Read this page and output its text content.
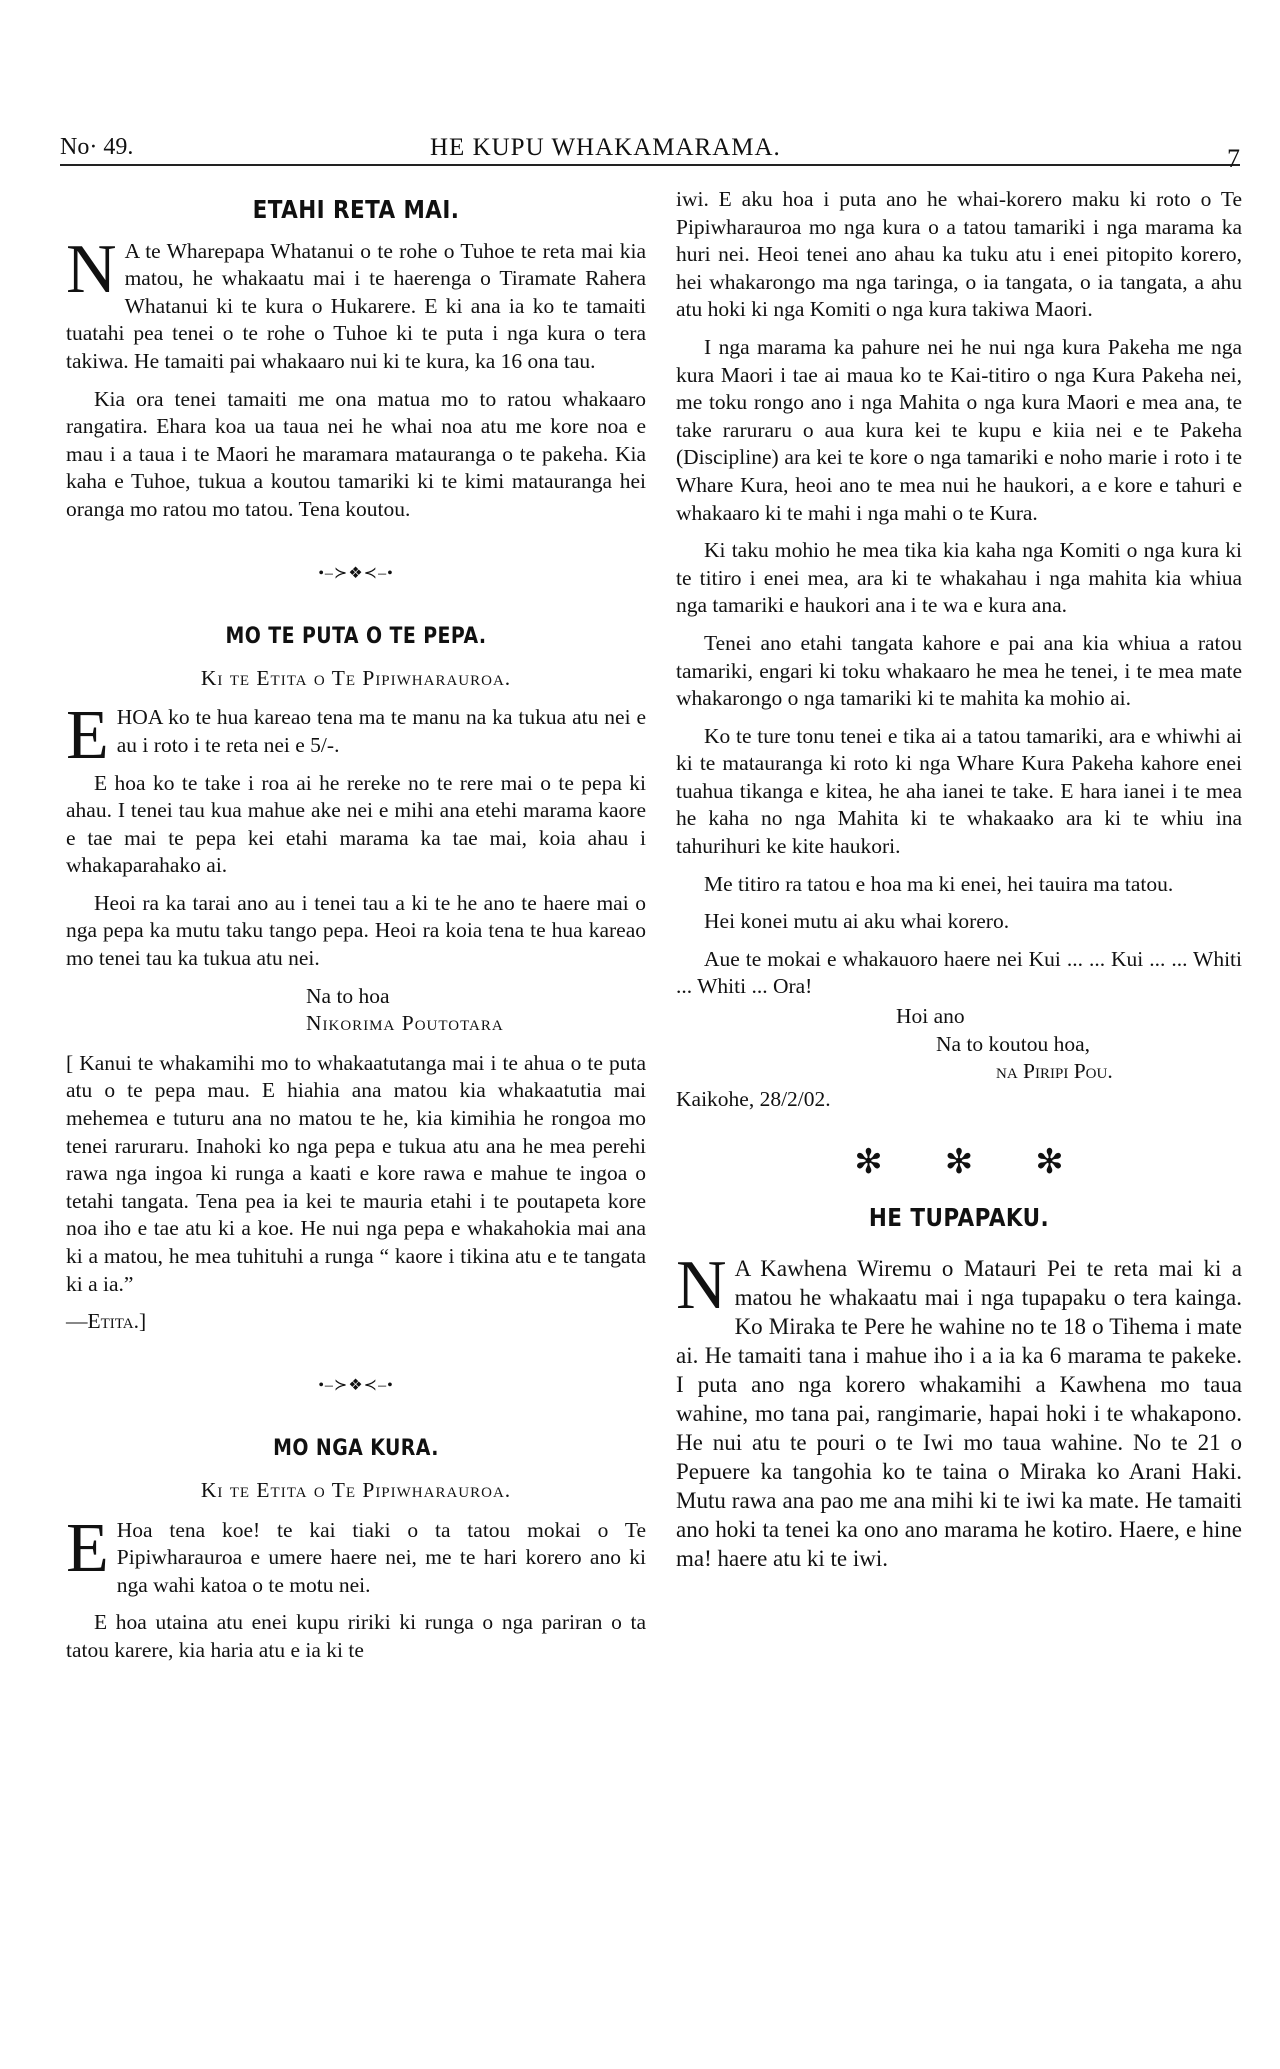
No· 49.	HE KUPU WHAKAMARAMA.	7
ETAHI RETA MAI.

N A te Wharepapa Whatanui o te rohe o Tuhoe te reta mai kia matou, he whakaatu mai i te haerenga o Tiramate Rahera Whatanui ki te kura o Hukarere. E ki ana ia ko te tamaiti tuatahi pea tenei o te rohe o Tuhoe ki te puta i nga kura o tera takiwa. He tamaiti pai whakaaro nui ki te kura, ka 16 ona tau.

Kia ora tenei tamaiti me ona matua mo to ratou whakaaro rangatira. Ehara koa ua taua nei he whai noa atu me kore noa e mau i a taua i te Maori he maramara matauranga o te pakeha. Kia kaha e Tuhoe, tukua a koutou tamariki ki te kimi matauranga hei oranga mo ratou mo tatou. Tena koutou.

•–≻❖≺–•
MO TE PUTA O TE PEPA.
Ki te Etita o Te Pipiwharauroa.

EHOA ko te hua kareao tena ma te manu na ka tukua atu nei e au i roto i te reta nei e 5/-.

E hoa ko te take i roa ai he rereke no te rere mai o te pepa ki ahau. I tenei tau kua mahue ake nei e mihi ana etehi marama kaore e tae mai te pepa kei etahi marama ka tae mai, koia ahau i whakaparahako ai.

Heoi ra ka tarai ano au i tenei tau a ki te he ano te haere mai o nga pepa ka mutu taku tango pepa. Heoi ra koia tena te hua kareao mo tenei tau ka tukua atu nei.

Na to hoa
Nikorima Poutotara

[ Kanui te whakamihi mo to whakaatutanga mai i te ahua o te puta atu o te pepa mau. E hiahia ana matou kia whakaatutia mai mehemea e tuturu ana no matou te he, kia kimihia he rongoa mo tenei raruraru. Inahoki ko nga pepa e tukua atu ana he mea perehi rawa nga ingoa ki runga a kaati e kore rawa e mahue te ingoa o tetahi tangata. Tena pea ia kei te mauria etahi i te poutapeta kore noa iho e tae atu ki a koe. He nui nga pepa e whakahokia mai ana ki a matou, he mea tuhituhi a runga “ kaore i tikina atu e te tangata ki a ia.”

—Etita.]
•–≻❖≺–•
MO NGA KURA.
Ki te Etita o Te Pipiwharauroa.

E Hoa tena koe! te kai tiaki o ta tatou mokai o Te Pipiwharauroa e umere haere nei, me te hari korero ano ki nga wahi katoa o te motu nei.

E hoa utaina atu enei kupu ririki ki runga o nga pariran o ta tatou karere, kia haria atu e ia ki te

iwi. E aku hoa i puta ano he whai-korero maku ki roto o Te Pipiwharauroa mo nga kura o a tatou tamariki i nga marama ka huri nei. Heoi tenei ano ahau ka tuku atu i enei pitopito korero, hei whakarongo ma nga taringa, o ia tangata, o ia tangata, a ahu atu hoki ki nga Komiti o nga kura takiwa Maori.

I nga marama ka pahure nei he nui nga kura Pakeha me nga kura Maori i tae ai maua ko te Kai-titiro o nga Kura Pakeha nei, me toku rongo ano i nga Mahita o nga kura Maori e mea ana, te take raruraru o aua kura kei te kupu e kiia nei e te Pakeha (Discipline) ara kei te kore o nga tamariki e noho marie i roto i te Whare Kura, heoi ano te mea nui he haukori, a e kore e tahuri e whakaaro ki te mahi i nga mahi o te Kura.

Ki taku mohio he mea tika kia kaha nga Komiti o nga kura ki te titiro i enei mea, ara ki te whakahau i nga mahita kia whiua nga tamariki e haukori ana i te wa e kura ana.

Tenei ano etahi tangata kahore e pai ana kia whiua a ratou tamariki, engari ki toku whakaaro he mea he tenei, i te mea mate whakarongo o nga tamariki ki te mahita ka mohio ai.

Ko te ture tonu tenei e tika ai a tatou tamariki, ara e whiwhi ai ki te matauranga ki roto ki nga Whare Kura Pakeha kahore enei tuahua tikanga e kitea, he aha ianei te take. E hara ianei i te mea he kaha no nga Mahita ki te whakaako ara ki te whiu ina tahurihuri ke kite haukori.

Me titiro ra tatou e hoa ma ki enei, hei tauira ma tatou.

Hei konei mutu ai aku whai korero.

Aue te mokai e whakauoro haere nei Kui ... ... Kui ... ... Whiti ... Whiti ... Ora!

Hoi ano
Na to koutou hoa,
na Piripi Pou.
Kaikohe, 28/2/02.
✻ ✻ ✻
HE TUPAPAKU.

N A Kawhena Wiremu o Matauri Pei te reta mai ki a matou he whakaatu mai i nga tupapaku o tera kainga. Ko Miraka te Pere he wahine no te 18 o Tihema i mate ai. He tamaiti tana i mahue iho i a ia ka 6 marama te pakeke. I puta ano nga korero whakamihi a Kawhena mo taua wahine, mo tana pai, rangimarie, hapai hoki i te whakapono. He nui atu te pouri o te Iwi mo taua wahine. No te 21 o Pepuere ka tangohia ko te taina o Miraka ko Arani Haki. Mutu rawa ana pao me ana mihi ki te iwi ka mate. He tamaiti ano hoki ta tenei ka ono ano marama he kotiro. Haere, e hine ma! haere atu ki te iwi.
